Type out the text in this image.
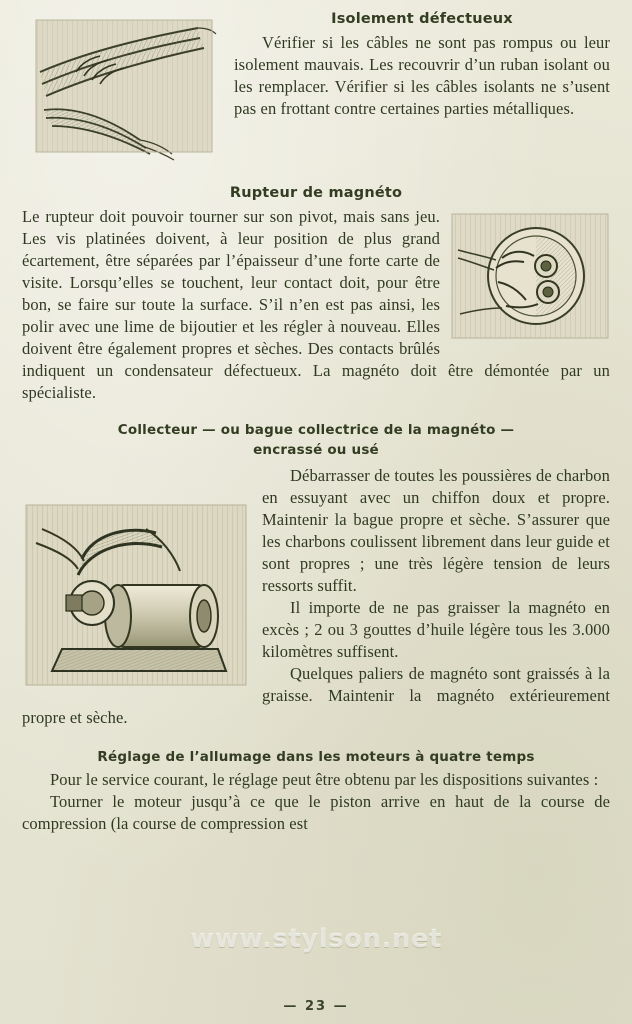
Isolement défectueux

Vérifier si les câbles ne sont pas rompus ou leur isolement mauvais. Les recouvrir d’un ruban isolant ou les remplacer. Vérifier si les câbles isolants ne s’usent pas en frottant contre certaines parties métalliques.

Rupteur de magnéto

Le rupteur doit pouvoir tourner sur son pivot, mais sans jeu. Les vis platinées doivent, à leur position de plus grand écartement, être séparées par l’épaisseur d’une forte carte de visite. Lorsqu’elles se touchent, leur contact doit, pour être bon, se faire sur toute la surface. S’il n’en est pas ainsi, les polir avec une lime de bijoutier et les régler à nouveau. Elles doivent être également propres et sèches. Des contacts brûlés indiquent un condensateur défectueux. La magnéto doit être démontée par un spécialiste.

Collecteur — ou bague collectrice de la magnéto —
encrassé ou usé

Débarrasser de toutes les poussières de charbon en essuyant avec un chiffon doux et propre. Maintenir la bague propre et sèche. S’assurer que les charbons coulissent librement dans leur guide et sont propres ; une très légère tension de leurs ressorts suffit.

Il importe de ne pas graisser la magnéto en excès ; 2 ou 3 gouttes d’huile légère tous les 3.000 kilomètres suffisent.

Quelques paliers de magnéto sont graissés à la graisse. Maintenir la magnéto extérieurement propre et sèche.

Réglage de l’allumage dans les moteurs à quatre temps

Pour le service courant, le réglage peut être obtenu par les dispositions suivantes :

Tourner le moteur jusqu’à ce que le piston arrive en haut de la course de compression (la course de compression est

www.stylson.net
— 23 —
